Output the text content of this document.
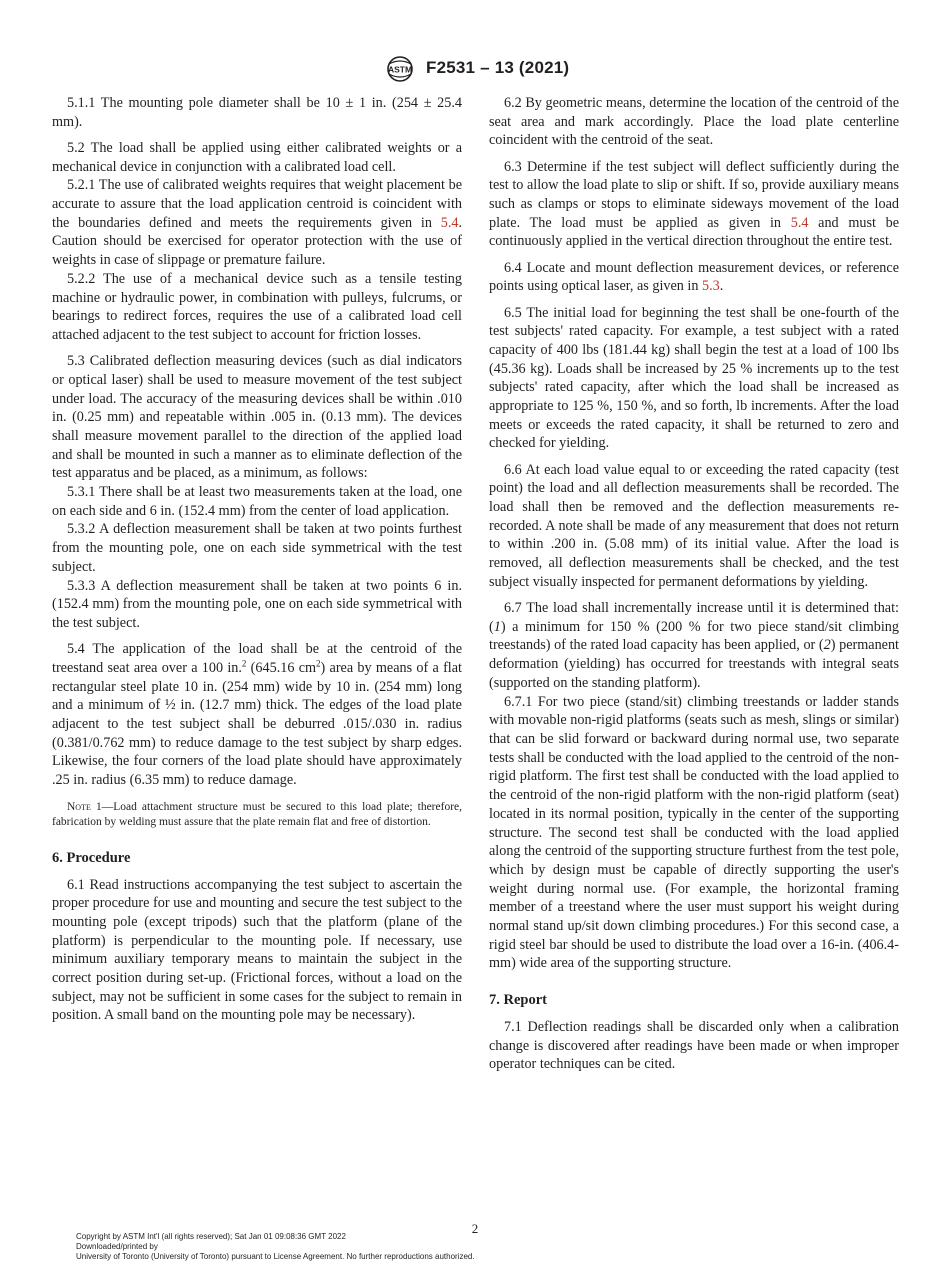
ASTM F2531 – 13 (2021)

5.1.1 The mounting pole diameter shall be 10 ± 1 in. (254 ± 25.4 mm).

5.2 The load shall be applied using either calibrated weights or a mechanical device in conjunction with a calibrated load cell.

5.2.1 The use of calibrated weights requires that weight placement be accurate to assure that the load application centroid is coincident with the boundaries defined and meets the requirements given in 5.4. Caution should be exercised for operator protection with the use of weights in case of slippage or premature failure.

5.2.2 The use of a mechanical device such as a tensile testing machine or hydraulic power, in combination with pulleys, fulcrums, or bearings to redirect forces, requires the use of a calibrated load cell attached adjacent to the test subject to account for friction losses.

5.3 Calibrated deflection measuring devices (such as dial indicators or optical laser) shall be used to measure movement of the test subject under load. The accuracy of the measuring devices shall be within .010 in. (0.25 mm) and repeatable within .005 in. (0.13 mm). The devices shall measure movement parallel to the direction of the applied load and shall be mounted in such a manner as to eliminate deflection of the test apparatus and be placed, as a minimum, as follows:

5.3.1 There shall be at least two measurements taken at the load, one on each side and 6 in. (152.4 mm) from the center of load application.

5.3.2 A deflection measurement shall be taken at two points furthest from the mounting pole, one on each side symmetrical with the test subject.

5.3.3 A deflection measurement shall be taken at two points 6 in. (152.4 mm) from the mounting pole, one on each side symmetrical with the test subject.

5.4 The application of the load shall be at the centroid of the treestand seat area over a 100 in.$^2$ (645.16 $cm^2$) area by means of a flat rectangular steel plate 10 in. (254 mm) wide by 10 in. (254 mm) long and a minimum of ½ in. (12.7 mm) thick. The edges of the load plate adjacent to the test subject shall be deburred .015/.030 in. radius (0.381/0.762 mm) to reduce damage to the test subject by sharp edges. Likewise, the four corners of the load plate should have approximately .25 in. radius (6.35 mm) to reduce damage.

Note 1—Load attachment structure must be secured to this load plate; therefore, fabrication by welding must assure that the plate remain flat and free of distortion.

6. Procedure

6.1 Read instructions accompanying the test subject to ascertain the proper procedure for use and mounting and secure the test subject to the mounting pole (except tripods) such that the platform (plane of the platform) is perpendicular to the mounting pole. If necessary, use minimum auxiliary temporary means to maintain the subject in the correct position during set-up. (Frictional forces, without a load on the subject, may not be sufficient in some cases for the subject to remain in position. A small band on the mounting pole may be necessary).

6.2 By geometric means, determine the location of the centroid of the seat area and mark accordingly. Place the load plate centerline coincident with the centroid of the seat.

6.3 Determine if the test subject will deflect sufficiently during the test to allow the load plate to slip or shift. If so, provide auxiliary means such as clamps or stops to eliminate sideways movement of the load plate. The load must be applied as given in 5.4 and must be continuously applied in the vertical direction throughout the entire test.

6.4 Locate and mount deflection measurement devices, or reference points using optical laser, as given in 5.3.

6.5 The initial load for beginning the test shall be one-fourth of the test subjects' rated capacity. For example, a test subject with a rated capacity of 400 lbs (181.44 kg) shall begin the test at a load of 100 lbs (45.36 kg). Loads shall be increased by 25 % increments up to the test subjects' rated capacity, after which the load shall be increased as appropriate to 125 %, 150 %, and so forth, lb increments. After the load meets or exceeds the rated capacity, it shall be returned to zero and checked for yielding.

6.6 At each load value equal to or exceeding the rated capacity (test point) the load and all deflection measurements shall be recorded. The load shall then be removed and the deflection measurements re-recorded. A note shall be made of any measurement that does not return to within .200 in. (5.08 mm) of its initial value. After the load is removed, all deflection measurements shall be checked, and the test subject visually inspected for permanent deformations by yielding.

6.7 The load shall incrementally increase until it is determined that: (1) a minimum for 150 % (200 % for two piece stand/sit climbing treestands) of the rated load capacity has been applied, or (2) permanent deformation (yielding) has occurred for treestands with integral seats (supported on the standing platform).

6.7.1 For two piece (stand/sit) climbing treestands or ladder stands with movable non-rigid platforms (seats such as mesh, slings or similar) that can be slid forward or backward during normal use, two separate tests shall be conducted with the load applied to the centroid of the non-rigid platform. The first test shall be conducted with the load applied to the centroid of the non-rigid platform with the non-rigid platform (seat) located in its normal position, typically in the center of the supporting structure. The second test shall be conducted with the load applied along the centroid of the supporting structure furthest from the test pole, which by design must be capable of directly supporting the user's weight during normal use. (For example, the horizontal framing member of a treestand where the user must support his weight during normal stand up/sit down climbing procedures.) For this second case, a rigid steel bar should be used to distribute the load over a 16-in. (406.4-mm) wide area of the supporting structure.

7. Report

7.1 Deflection readings shall be discarded only when a calibration change is discovered after readings have been made or when improper operator techniques can be cited.

2
Copyright by ASTM Int'l (all rights reserved); Sat Jan 01 09:08:36 GMT 2022
Downloaded/printed by
University of Toronto (University of Toronto) pursuant to License Agreement. No further reproductions authorized.
